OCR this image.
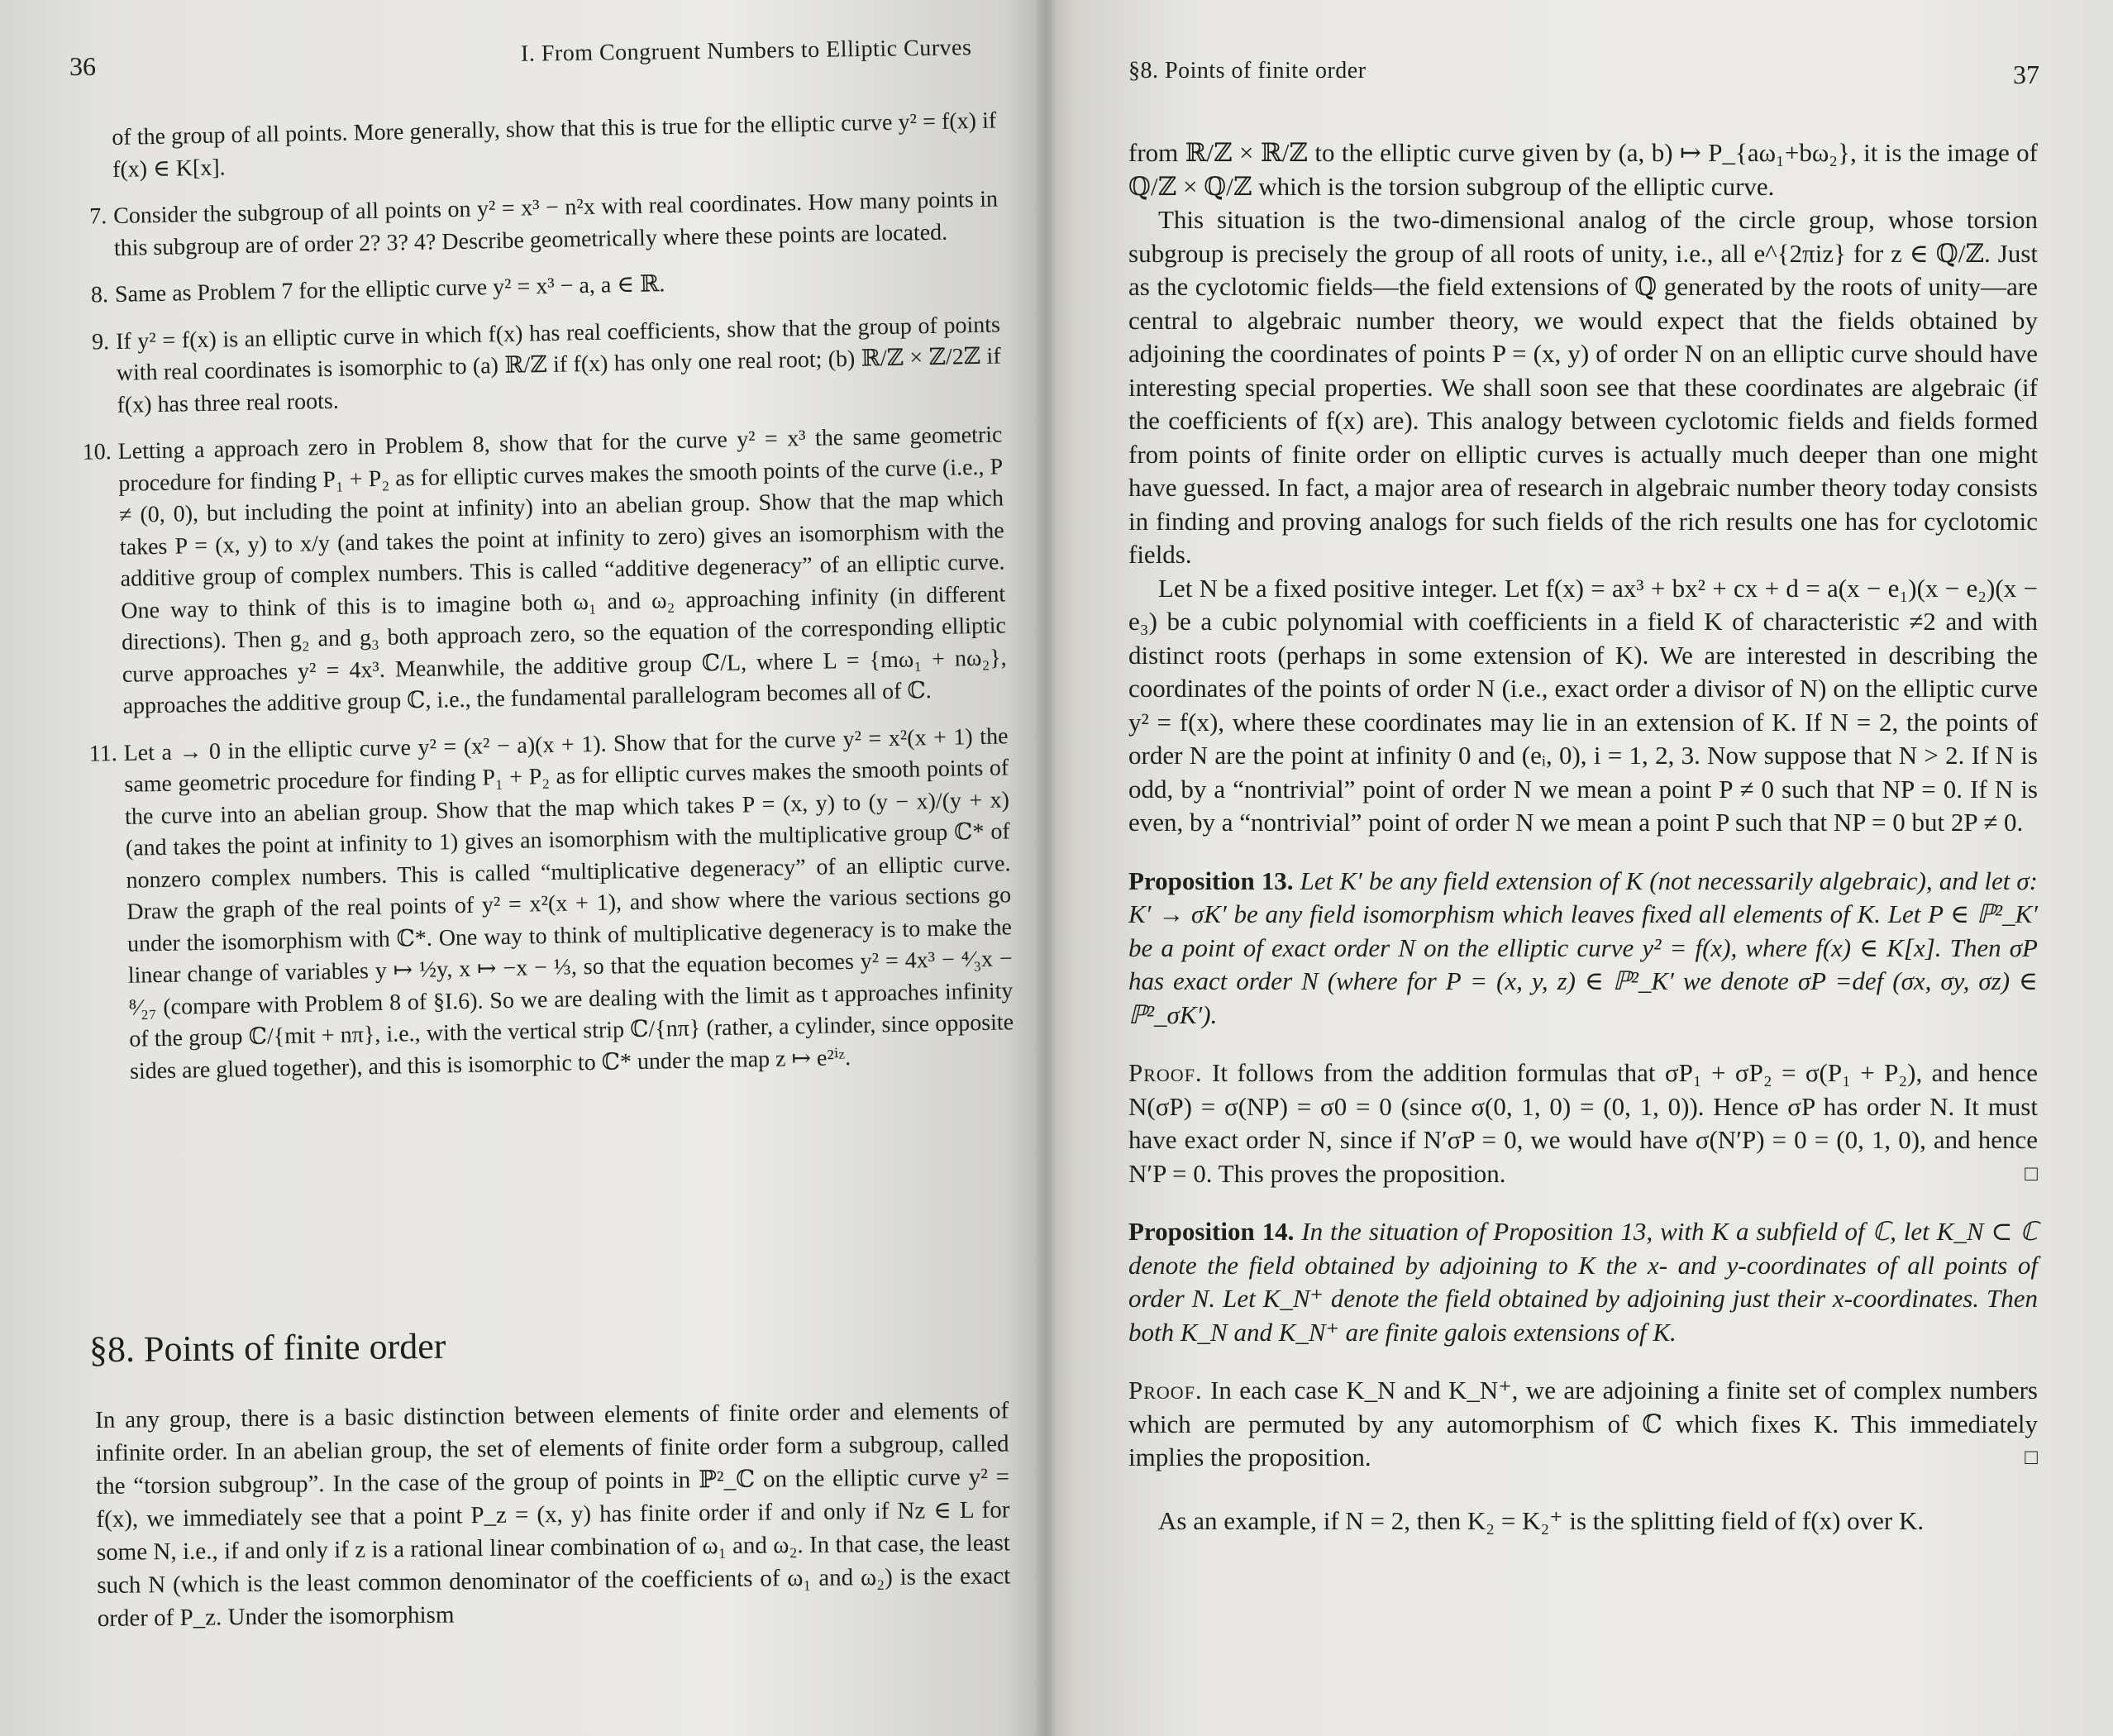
36	I. From Congruent Numbers to Elliptic Curves

of the group of all points. More generally, show that this is true for the elliptic curve y² = f(x) if f(x) ∈ K[x].

7. Consider the subgroup of all points on y² = x³ − n²x with real coordinates. How many points in this subgroup are of order 2? 3? 4? Describe geometrically where these points are located.

8. Same as Problem 7 for the elliptic curve y² = x³ − a, a ∈ ℝ.

9. If y² = f(x) is an elliptic curve in which f(x) has real coefficients, show that the group of points with real coordinates is isomorphic to (a) ℝ/ℤ if f(x) has only one real root; (b) ℝ/ℤ × ℤ/2ℤ if f(x) has three real roots.

10. Letting a approach zero in Problem 8, show that for the curve y² = x³ the same geometric procedure for finding P₁ + P₂ as for elliptic curves makes the smooth points of the curve (i.e., P ≠ (0, 0), but including the point at infinity) into an abelian group. Show that the map which takes P = (x, y) to x/y (and takes the point at infinity to zero) gives an isomorphism with the additive group of complex numbers. This is called “additive degeneracy” of an elliptic curve. One way to think of this is to imagine both ω₁ and ω₂ approaching infinity (in different directions). Then g₂ and g₃ both approach zero, so the equation of the corresponding elliptic curve approaches y² = 4x³. Meanwhile, the additive group ℂ/L, where L = {mω₁ + nω₂}, approaches the additive group ℂ, i.e., the fundamental parallelogram becomes all of ℂ.

11. Let a → 0 in the elliptic curve y² = (x² − a)(x + 1). Show that for the curve y² = x²(x + 1) the same geometric procedure for finding P₁ + P₂ as for elliptic curves makes the smooth points of the curve into an abelian group. Show that the map which takes P = (x, y) to (y − x)/(y + x) (and takes the point at infinity to 1) gives an isomorphism with the multiplicative group ℂ* of nonzero complex numbers. This is called “multiplicative degeneracy” of an elliptic curve. Draw the graph of the real points of y² = x²(x + 1), and show where the various sections go under the isomorphism with ℂ*. One way to think of multiplicative degeneracy is to make the linear change of variables y ↦ ½y, x ↦ −x − ⅓, so that the equation becomes y² = 4x³ − ⁴⁄₃x − ⁸⁄₂₇ (compare with Problem 8 of §I.6). So we are dealing with the limit as t approaches infinity of the group ℂ/{mit + nπ}, i.e., with the vertical strip ℂ/{nπ} (rather, a cylinder, since opposite sides are glued together), and this is isomorphic to ℂ* under the map z ↦ e²ⁱᶻ.

§8. Points of finite order

In any group, there is a basic distinction between elements of finite order and elements of infinite order. In an abelian group, the set of elements of finite order form a subgroup, called the “torsion subgroup”. In the case of the group of points in ℙ²_ℂ on the elliptic curve y² = f(x), we immediately see that a point P_z = (x, y) has finite order if and only if Nz ∈ L for some N, i.e., if and only if z is a rational linear combination of ω₁ and ω₂. In that case, the least such N (which is the least common denominator of the coefficients of ω₁ and ω₂) is the exact order of P_z. Under the isomorphism

§8. Points of finite order	37

from ℝ/ℤ × ℝ/ℤ to the elliptic curve given by (a, b) ↦ P_{aω₁+bω₂}, it is the image of ℚ/ℤ × ℚ/ℤ which is the torsion subgroup of the elliptic curve.

This situation is the two-dimensional analog of the circle group, whose torsion subgroup is precisely the group of all roots of unity, i.e., all e^{2πiz} for z ∈ ℚ/ℤ. Just as the cyclotomic fields—the field extensions of ℚ generated by the roots of unity—are central to algebraic number theory, we would expect that the fields obtained by adjoining the coordinates of points P = (x, y) of order N on an elliptic curve should have interesting special properties. We shall soon see that these coordinates are algebraic (if the coefficients of f(x) are). This analogy between cyclotomic fields and fields formed from points of finite order on elliptic curves is actually much deeper than one might have guessed. In fact, a major area of research in algebraic number theory today consists in finding and proving analogs for such fields of the rich results one has for cyclotomic fields.

Let N be a fixed positive integer. Let f(x) = ax³ + bx² + cx + d = a(x − e₁)(x − e₂)(x − e₃) be a cubic polynomial with coefficients in a field K of characteristic ≠2 and with distinct roots (perhaps in some extension of K). We are interested in describing the coordinates of the points of order N (i.e., exact order a divisor of N) on the elliptic curve y² = f(x), where these coordinates may lie in an extension of K. If N = 2, the points of order N are the point at infinity 0 and (eᵢ, 0), i = 1, 2, 3. Now suppose that N > 2. If N is odd, by a “nontrivial” point of order N we mean a point P ≠ 0 such that NP = 0. If N is even, by a “nontrivial” point of order N we mean a point P such that NP = 0 but 2P ≠ 0.

Proposition 13. Let K′ be any field extension of K (not necessarily algebraic), and let σ: K′ → σK′ be any field isomorphism which leaves fixed all elements of K. Let P ∈ ℙ²_K′ be a point of exact order N on the elliptic curve y² = f(x), where f(x) ∈ K[x]. Then σP has exact order N (where for P = (x, y, z) ∈ ℙ²_K′ we denote σP =def (σx, σy, σz) ∈ ℙ²_σK′).

Proof. It follows from the addition formulas that σP₁ + σP₂ = σ(P₁ + P₂), and hence N(σP) = σ(NP) = σ0 = 0 (since σ(0, 1, 0) = (0, 1, 0)). Hence σP has order N. It must have exact order N, since if N′σP = 0, we would have σ(N′P) = 0 = (0, 1, 0), and hence N′P = 0. This proves the proposition.	□

Proposition 14. In the situation of Proposition 13, with K a subfield of ℂ, let K_N ⊂ ℂ denote the field obtained by adjoining to K the x- and y-coordinates of all points of order N. Let K_N⁺ denote the field obtained by adjoining just their x-coordinates. Then both K_N and K_N⁺ are finite galois extensions of K.

Proof. In each case K_N and K_N⁺, we are adjoining a finite set of complex numbers which are permuted by any automorphism of ℂ which fixes K. This immediately implies the proposition.	□

As an example, if N = 2, then K₂ = K₂⁺ is the splitting field of f(x) over K.
